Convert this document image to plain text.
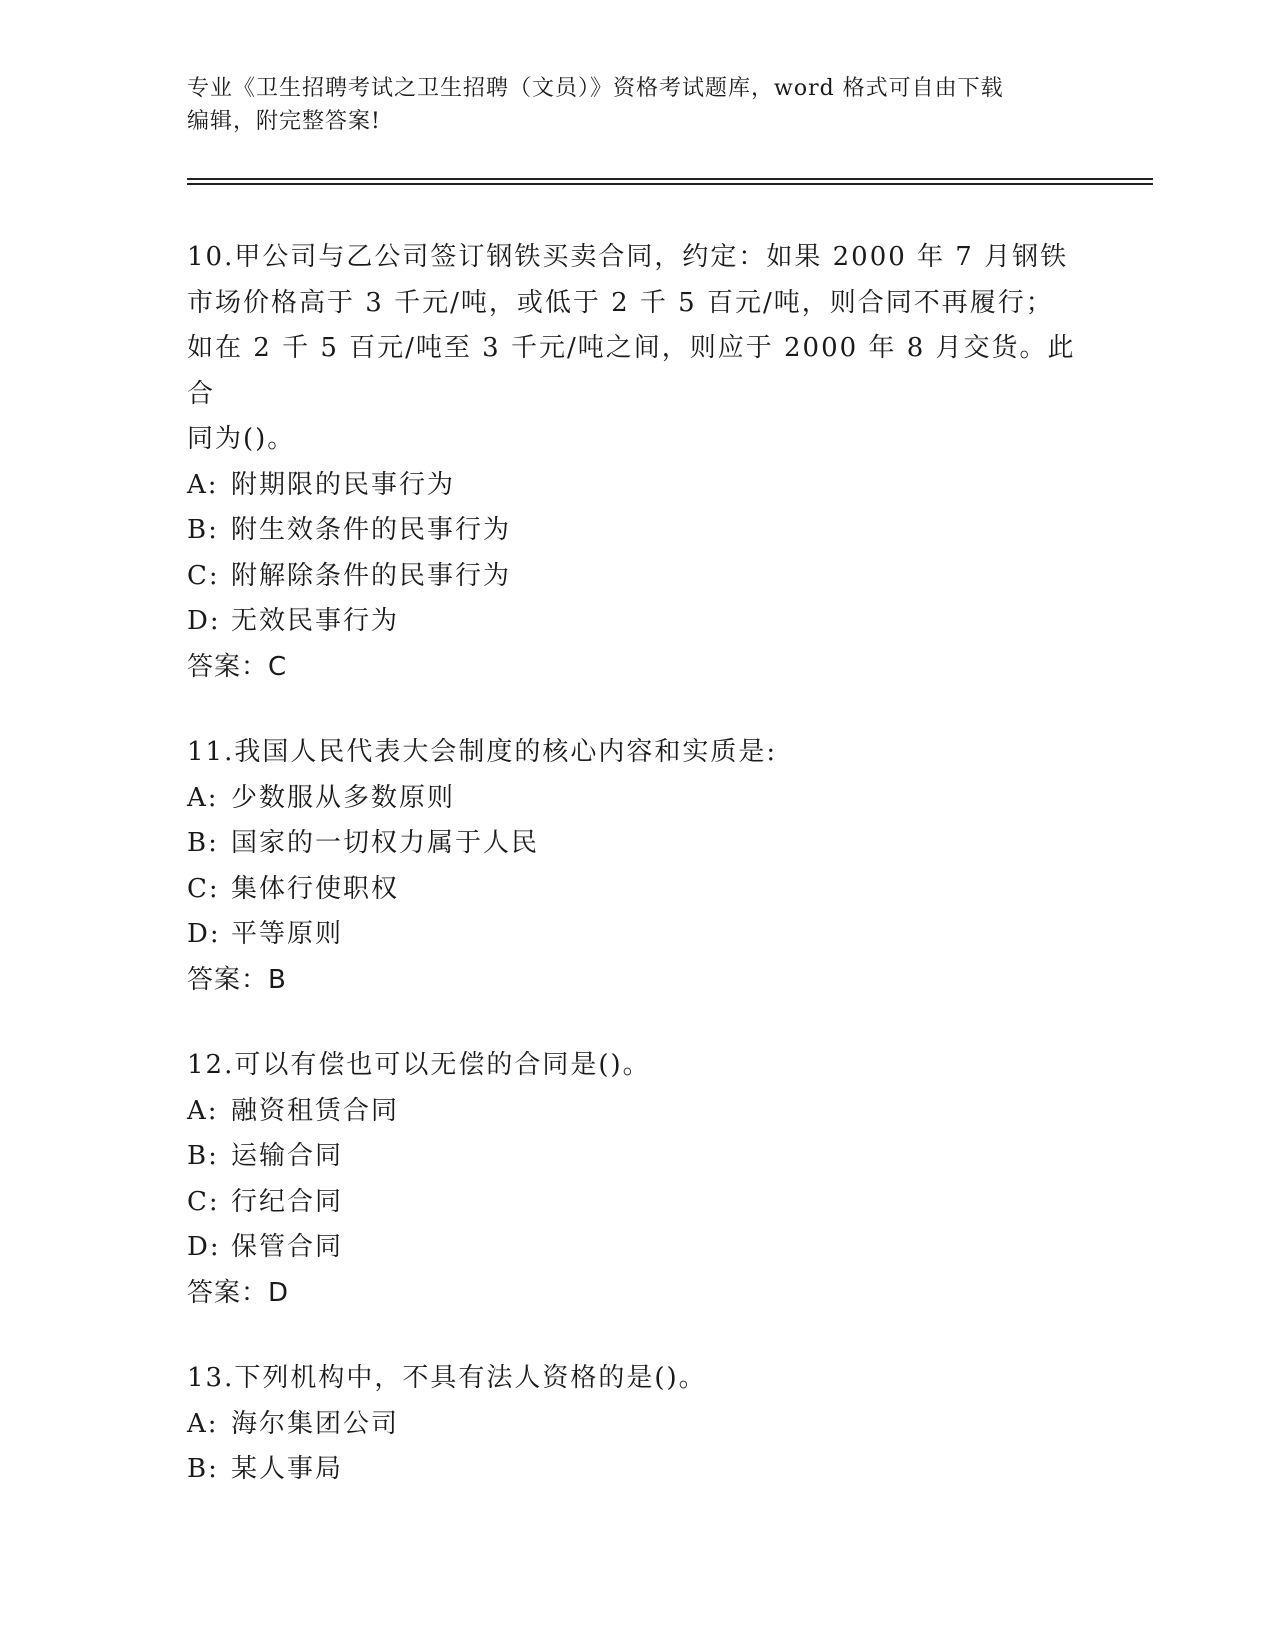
专业《卫生招聘考试之卫生招聘（文员）》资格考试题库，word 格式可自由下载
编辑，附完整答案!
10.甲公司与乙公司签订钢铁买卖合同，约定：如果 2000 年 7 月钢铁
市场价格高于 3 千元/吨，或低于 2 千 5 百元/吨，则合同不再履行；
如在 2 千 5 百元/吨至 3 千元/吨之间，则应于 2000 年 8 月交货。此合
同为()。
A: 附期限的民事行为
B: 附生效条件的民事行为
C: 附解除条件的民事行为
D: 无效民事行为
答案：C
11.我国人民代表大会制度的核心内容和实质是:
A: 少数服从多数原则
B: 国家的一切权力属于人民
C: 集体行使职权
D: 平等原则
答案：B
12.可以有偿也可以无偿的合同是()。
A: 融资租赁合同
B: 运输合同
C: 行纪合同
D: 保管合同
答案：D
13.下列机构中，不具有法人资格的是()。
A: 海尔集团公司
B: 某人事局
